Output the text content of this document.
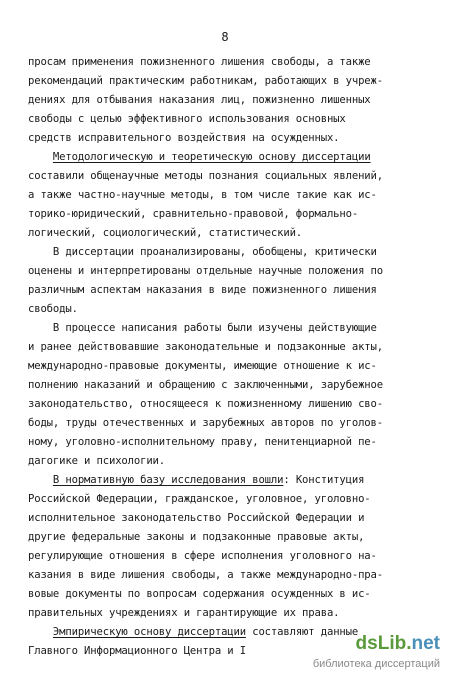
8
просам применения пожизненного лишения свободы, а также
рекомендаций практическим работникам, работающих в учреж-
дениях для отбывания наказания лиц, пожизненно лишенных
свободы с целью эффективного использования основных
средств исправительного воздействия на осужденных.
Методологическую и теоретическую основу диссертации
составили общенаучные методы познания социальных явлений,
а также частно-научные методы, в том числе такие как ис-
торико-юридический, сравнительно-правовой, формально-
логический, социологический, статистический.
В диссертации проанализированы, обобщены, критически
оценены и интерпретированы отдельные научные положения по
различным аспектам наказания в виде пожизненного лишения
свободы.
В процессе написания работы были изучены действующие
и ранее действовавшие законодательные и подзаконные акты,
международно-правовые документы, имеющие отношение к ис-
полнению наказаний и обращению с заключенными, зарубежное
законодательство, относящееся к пожизненному лишению сво-
боды, труды отечественных и зарубежных авторов по уголов-
ному, уголовно-исполнительному праву, пенитенциарной пе-
дагогике и психологии.
В нормативную базу исследования вошли: Конституция
Российской Федерации, гражданское, уголовное, уголовно-
исполнительное законодательство Российской Федерации и
другие федеральные законы и подзаконные правовые акты,
регулирующие отношения в сфере исполнения уголовного на-
казания в виде лишения свободы, а также международно-пра-
вовые документы по вопросам содержания осужденных в ис-
правительных учреждениях и гарантирующие их права.
Эмпирическую основу диссертации составляют данные
Главного Информационного Центра и I	dsLib.net
библиотека диссертаций
